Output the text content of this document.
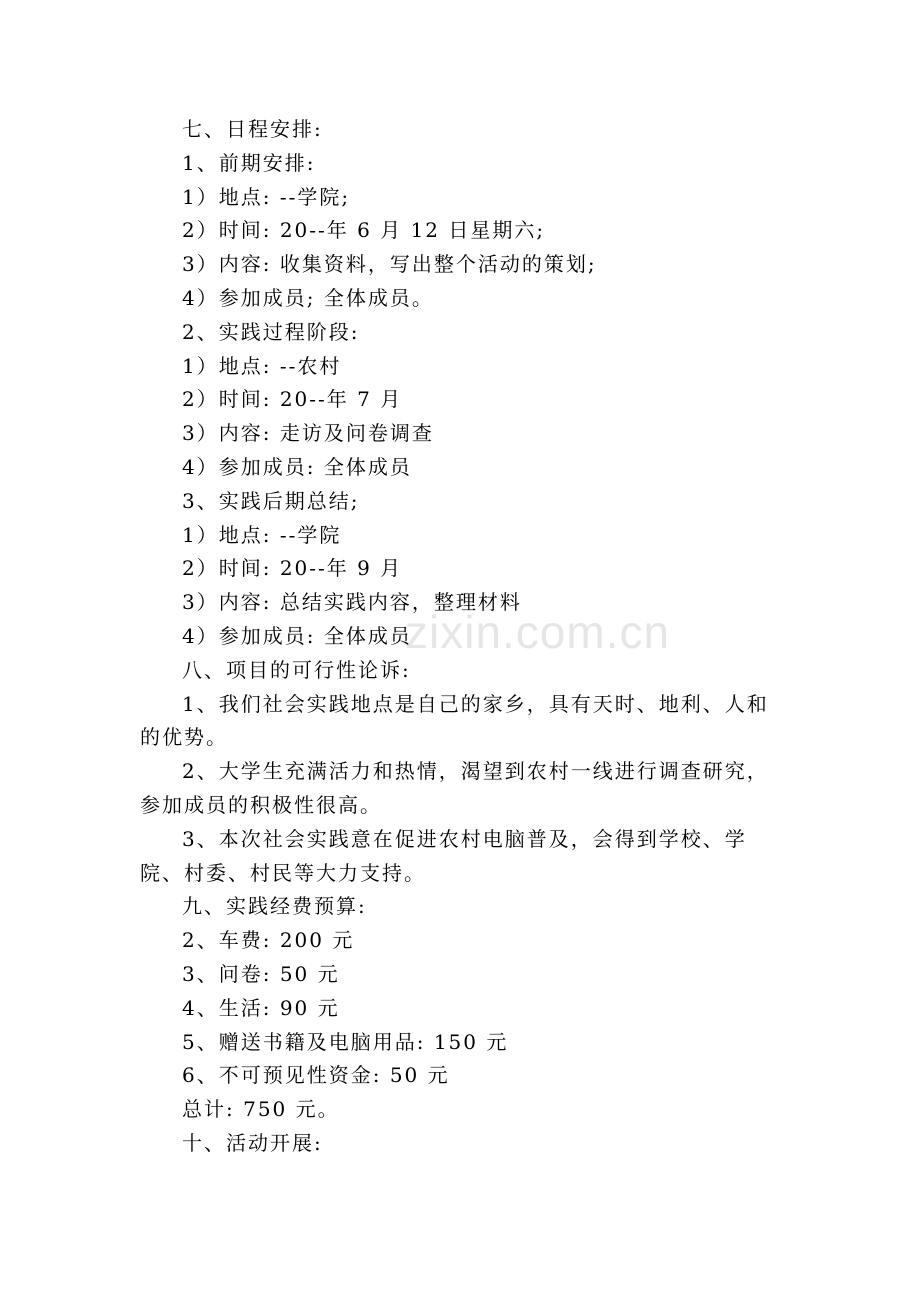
七、日程安排:
1、前期安排:
1）地点: --学院;
2）时间: 20--年 6 月 12 日星期六;
3）内容: 收集资料，写出整个活动的策划;
4）参加成员; 全体成员。
2、实践过程阶段:
1）地点: --农村
2）时间: 20--年 7 月
3）内容: 走访及问卷调查
4）参加成员: 全体成员
3、实践后期总结;
1）地点: --学院
2）时间: 20--年 9 月
3）内容: 总结实践内容，整理材料
4）参加成员: 全体成员
八、项目的可行性论诉:

1、我们社会实践地点是自己的家乡，具有天时、地利、人和的优势。

2、大学生充满活力和热情，渴望到农村一线进行调查研究，参加成员的积极性很高。

3、本次社会实践意在促进农村电脑普及，会得到学校、学院、村委、村民等大力支持。

九、实践经费预算:
2、车费: 200 元
3、问卷: 50 元
4、生活: 90 元
5、赠送书籍及电脑用品: 150 元
6、不可预见性资金: 50 元
总计: 750 元。
十、活动开展:
zixin.com.cn
